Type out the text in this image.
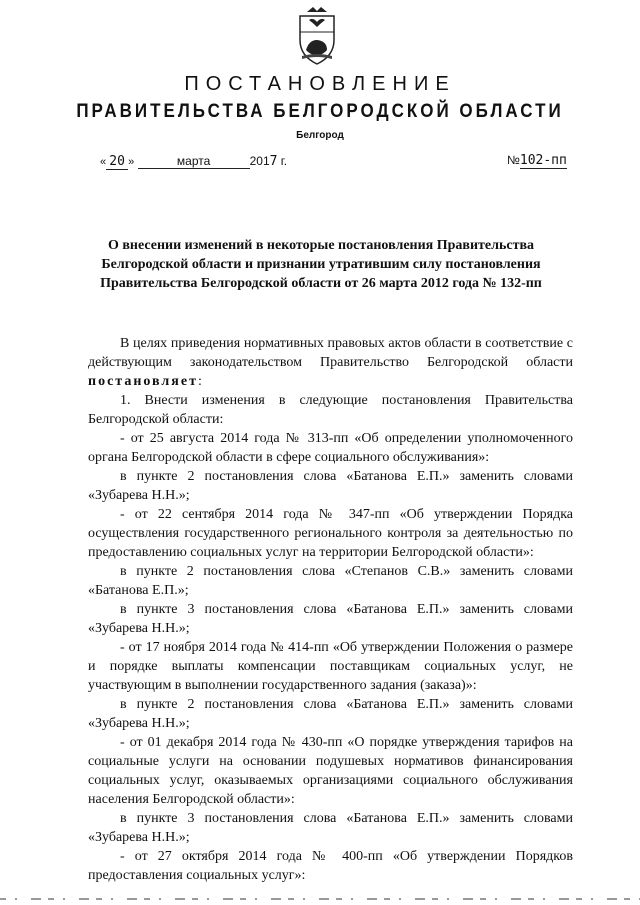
ПОСТАНОВЛЕНИЕ
ПРАВИТЕЛЬСТВА БЕЛГОРОДСКОЙ ОБЛАСТИ
Белгород
« 20 »	марта	2017 г.	№102-пп
О внесении изменений в некоторые постановления Правительства Белгородской области и признании утратившим силу постановления Правительства Белгородской области от 26 марта 2012 года № 132-пп

В целях приведения нормативных правовых актов области в соответствие с действующим законодательством Правительство Белгородской области постановляет:

1. Внести изменения в следующие постановления Правительства Белгородской области:

- от 25 августа 2014 года № 313-пп «Об определении уполномоченного органа Белгородской области в сфере социального обслуживания»:

в пункте 2 постановления слова «Батанова Е.П.» заменить словами «Зубарева Н.Н.»;

- от 22 сентября 2014 года № 347-пп «Об утверждении Порядка осуществления государственного регионального контроля за деятельностью по предоставлению социальных услуг на территории Белгородской области»:

в пункте 2 постановления слова «Степанов С.В.» заменить словами «Батанова Е.П.»;

в пункте 3 постановления слова «Батанова Е.П.» заменить словами «Зубарева Н.Н.»;

- от 17 ноября 2014 года № 414-пп «Об утверждении Положения о размере и порядке выплаты компенсации поставщикам социальных услуг, не участвующим в выполнении государственного задания (заказа)»:

в пункте 2 постановления слова «Батанова Е.П.» заменить словами «Зубарева Н.Н.»;

- от 01 декабря 2014 года № 430-пп «О порядке утверждения тарифов на социальные услуги на основании подушевых нормативов финансирования социальных услуг, оказываемых организациями социального обслуживания населения Белгородской области»:

в пункте 3 постановления слова «Батанова Е.П.» заменить словами «Зубарева Н.Н.»;

- от 27 октября 2014 года № 400-пп «Об утверждении Порядков предоставления социальных услуг»:
